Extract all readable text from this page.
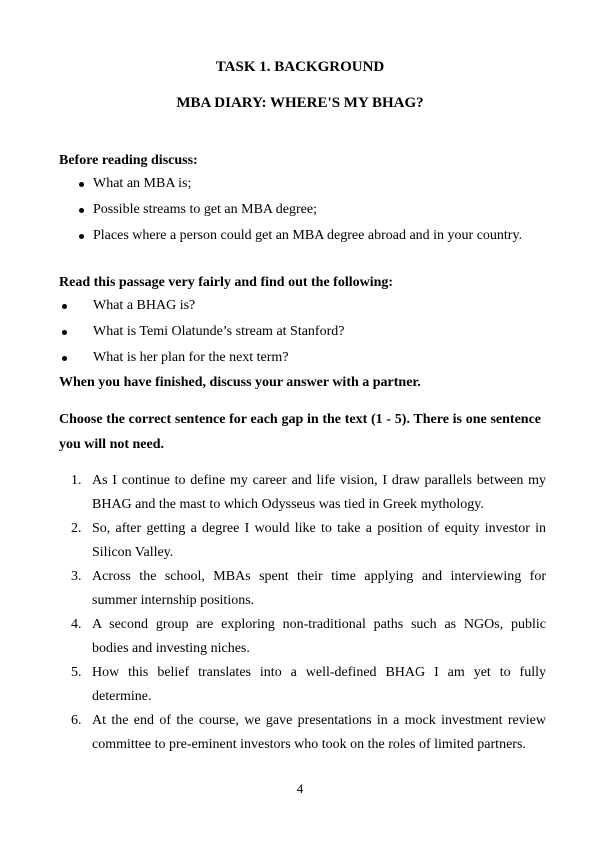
TASK 1. BACKGROUND
MBA DIARY: WHERE'S MY BHAG?
Before reading discuss:
What an MBA is;
Possible streams to get an MBA degree;
Places where a person could get an MBA degree abroad and in your country.
Read this passage very fairly and find out the following:
What a BHAG is?
What is Temi Olatunde’s stream at Stanford?
What is her plan for the next term?
When you have finished, discuss your answer with a partner.
Choose the correct sentence for each gap in the text (1 - 5). There is one sentence
you will not need.
1. As I continue to define my career and life vision, I draw parallels between my
BHAG and the mast to which Odysseus was tied in Greek mythology.
2. So, after getting a degree I would like to take a position of equity investor in
Silicon Valley.
3. Across the school, MBAs spent their time applying and interviewing for
summer internship positions.
4. A second group are exploring non-traditional paths such as NGOs, public
bodies and investing niches.
5. How this belief translates into a well-defined BHAG I am yet to fully
determine.
6. At the end of the course, we gave presentations in a mock investment review
committee to pre-eminent investors who took on the roles of limited partners.
4
